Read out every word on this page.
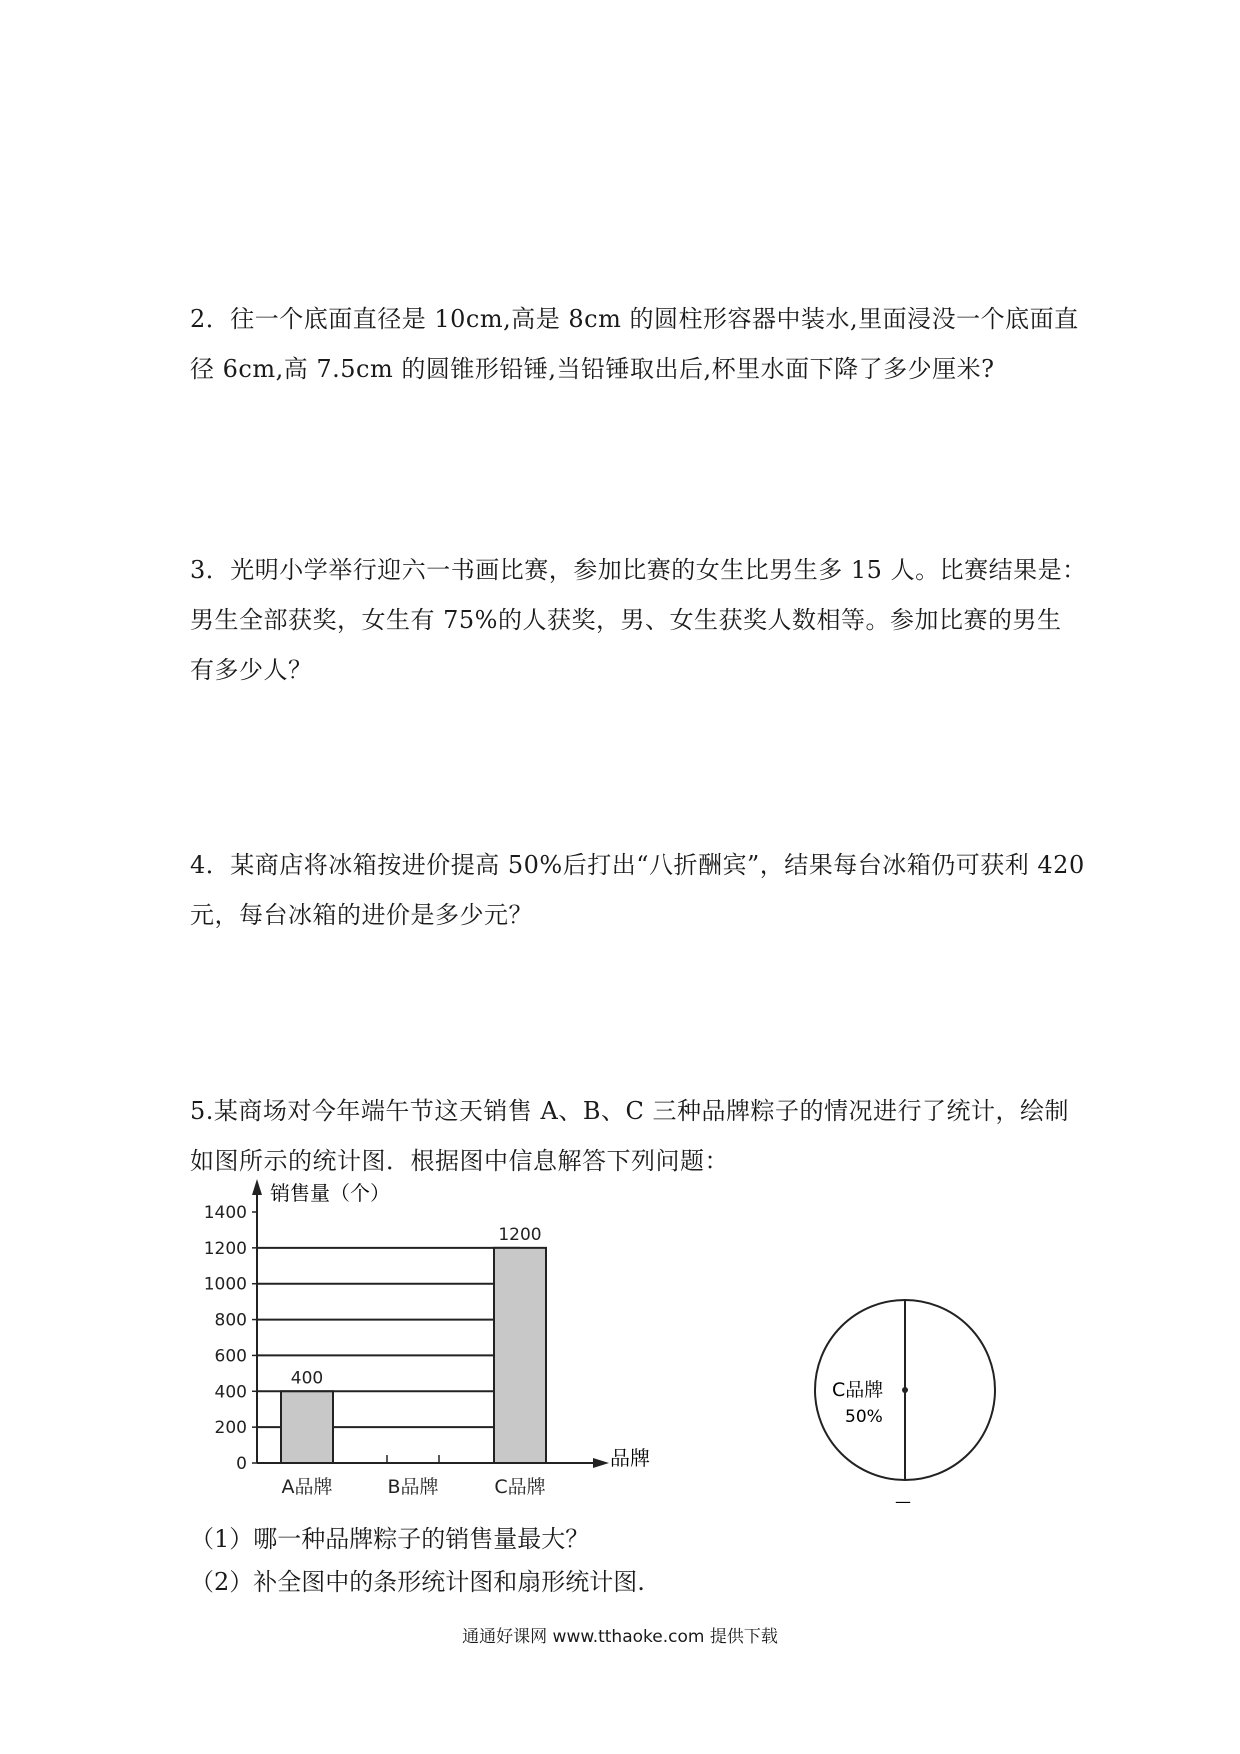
2．往一个底面直径是 10cm,高是 8cm 的圆柱形容器中装水,里面浸没一个底面直
径 6cm,高 7.5cm 的圆锥形铅锤,当铅锤取出后,杯里水面下降了多少厘米?
3．光明小学举行迎六一书画比赛，参加比赛的女生比男生多 15 人。比赛结果是：
男生全部获奖，女生有 75%的人获奖，男、女生获奖人数相等。参加比赛的男生
有多少人？
4．某商店将冰箱按进价提高 50%后打出“八折酬宾”，结果每台冰箱仍可获利 420
元，每台冰箱的进价是多少元？
5.某商场对今年端午节这天销售 A、B、C 三种品牌粽子的情况进行了统计，绘制
如图所示的统计图．根据图中信息解答下列问题：
0
200
400
600
800
1000
1200
1400
400
A品牌	B品牌
1200
C品牌
销售量（个）
品牌
C品牌
50%
—
（1）哪一种品牌粽子的销售量最大？
（2）补全图中的条形统计图和扇形统计图.
通通好课网 www.tthaoke.com 提供下载
